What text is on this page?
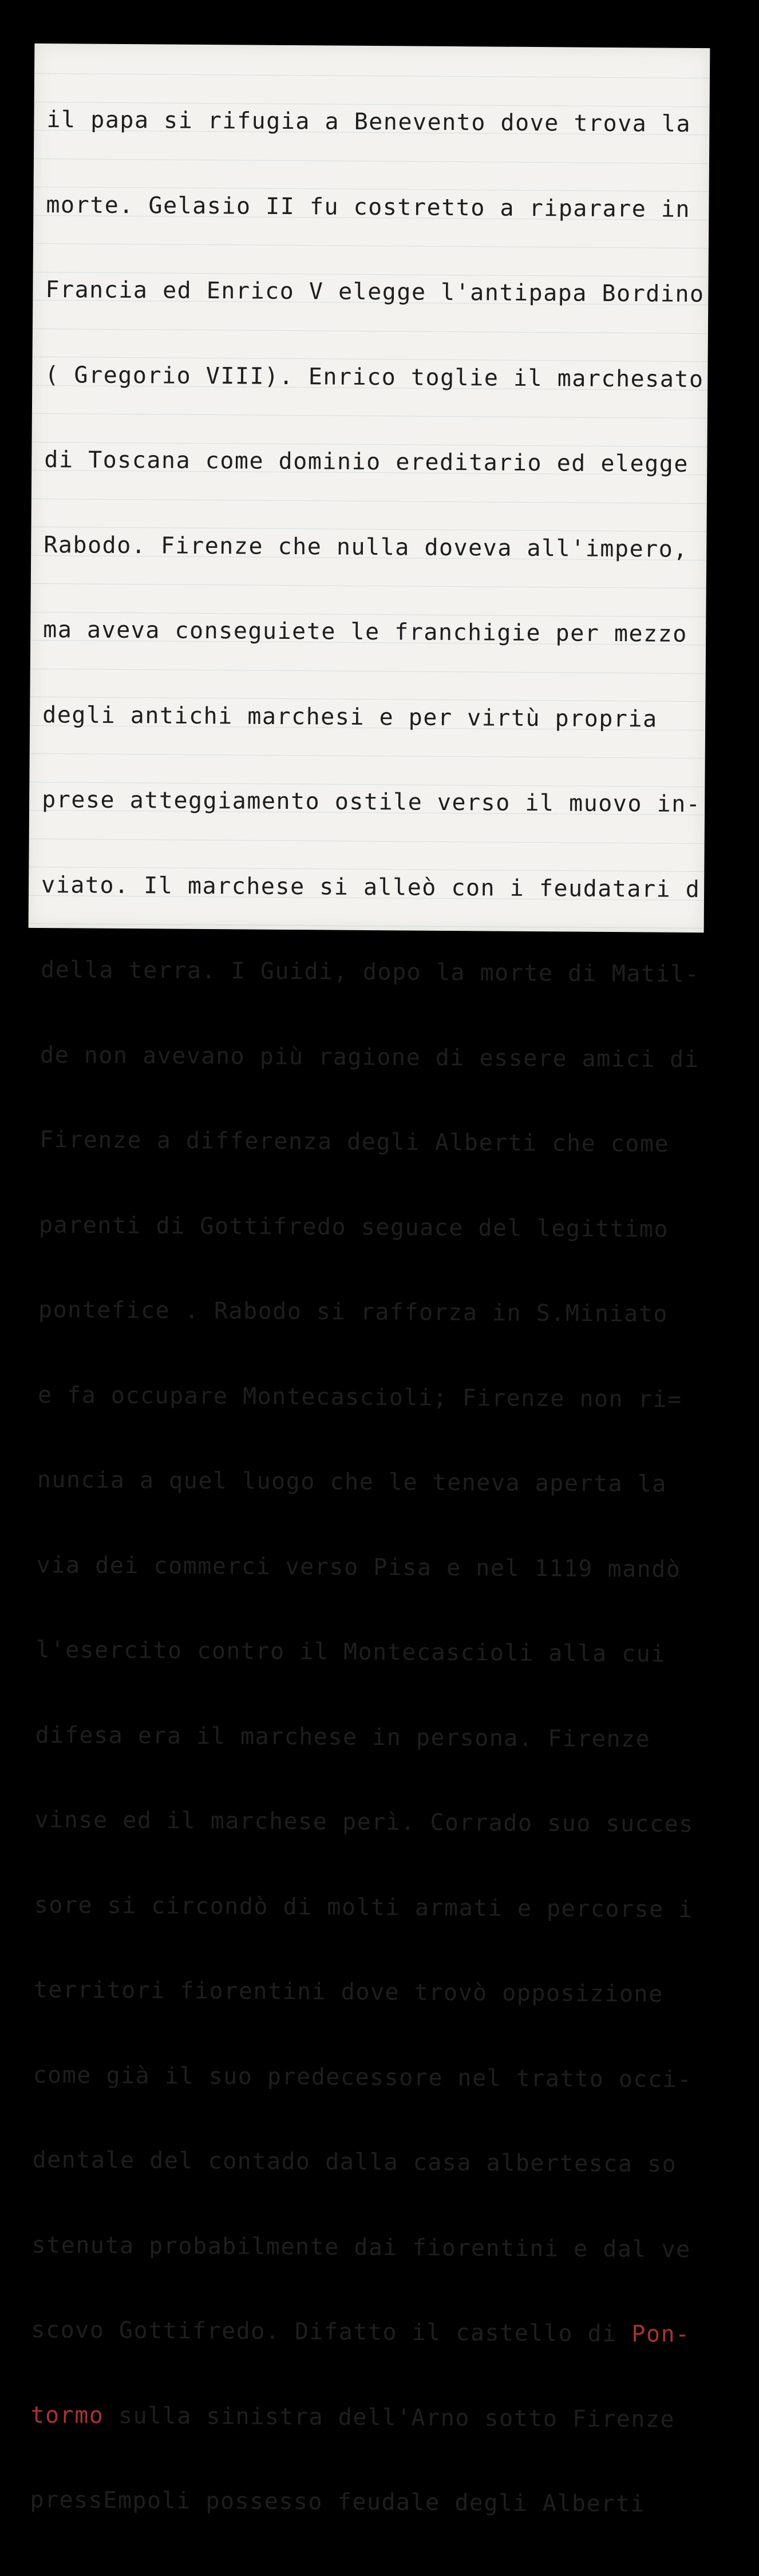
il papa si rifugia a Benevento dove trova la

morte. Gelasio II fu costretto a riparare in

Francia ed Enrico V elegge l'antipapa Bordino

( Gregorio VIII). Enrico toglie il marchesato

di Toscana come dominio ereditario ed elegge

Rabodo. Firenze che nulla doveva all'impero,

ma aveva conseguiete le franchigie per mezzo

degli antichi marchesi e per virtù propria

prese atteggiamento ostile verso il muovo in-

viato. Il marchese si alleò con i feudatari d

della terra. I Guidi, dopo la morte di Matil-

de non avevano più ragione di essere amici di

Firenze a differenza degli Alberti che come

parenti di Gottifredo seguace del legittimo

pontefice . Rabodo si rafforza in S.Miniato

e fa occupare Montecascioli; Firenze non ri=

nuncia a quel luogo che le teneva aperta la

via dei commerci verso Pisa e nel 1119 mandò

l'esercito contro il Montecascioli alla cui

difesa era il marchese in persona. Firenze

vinse ed il marchese perì. Corrado suo succes

sore si circondò di molti armati e percorse i

territori fiorentini dove trovò opposizione

come già il suo predecessore nel tratto occi-

dentale del contado dalla casa albertesca so

stenuta probabilmente dai fiorentini e dal ve

scovo Gottifredo. Difatto il castello di Pon-

tormo sulla sinistra dell'Arno sotto Firenze

pressEmpoli possesso feudale degli Alberti
